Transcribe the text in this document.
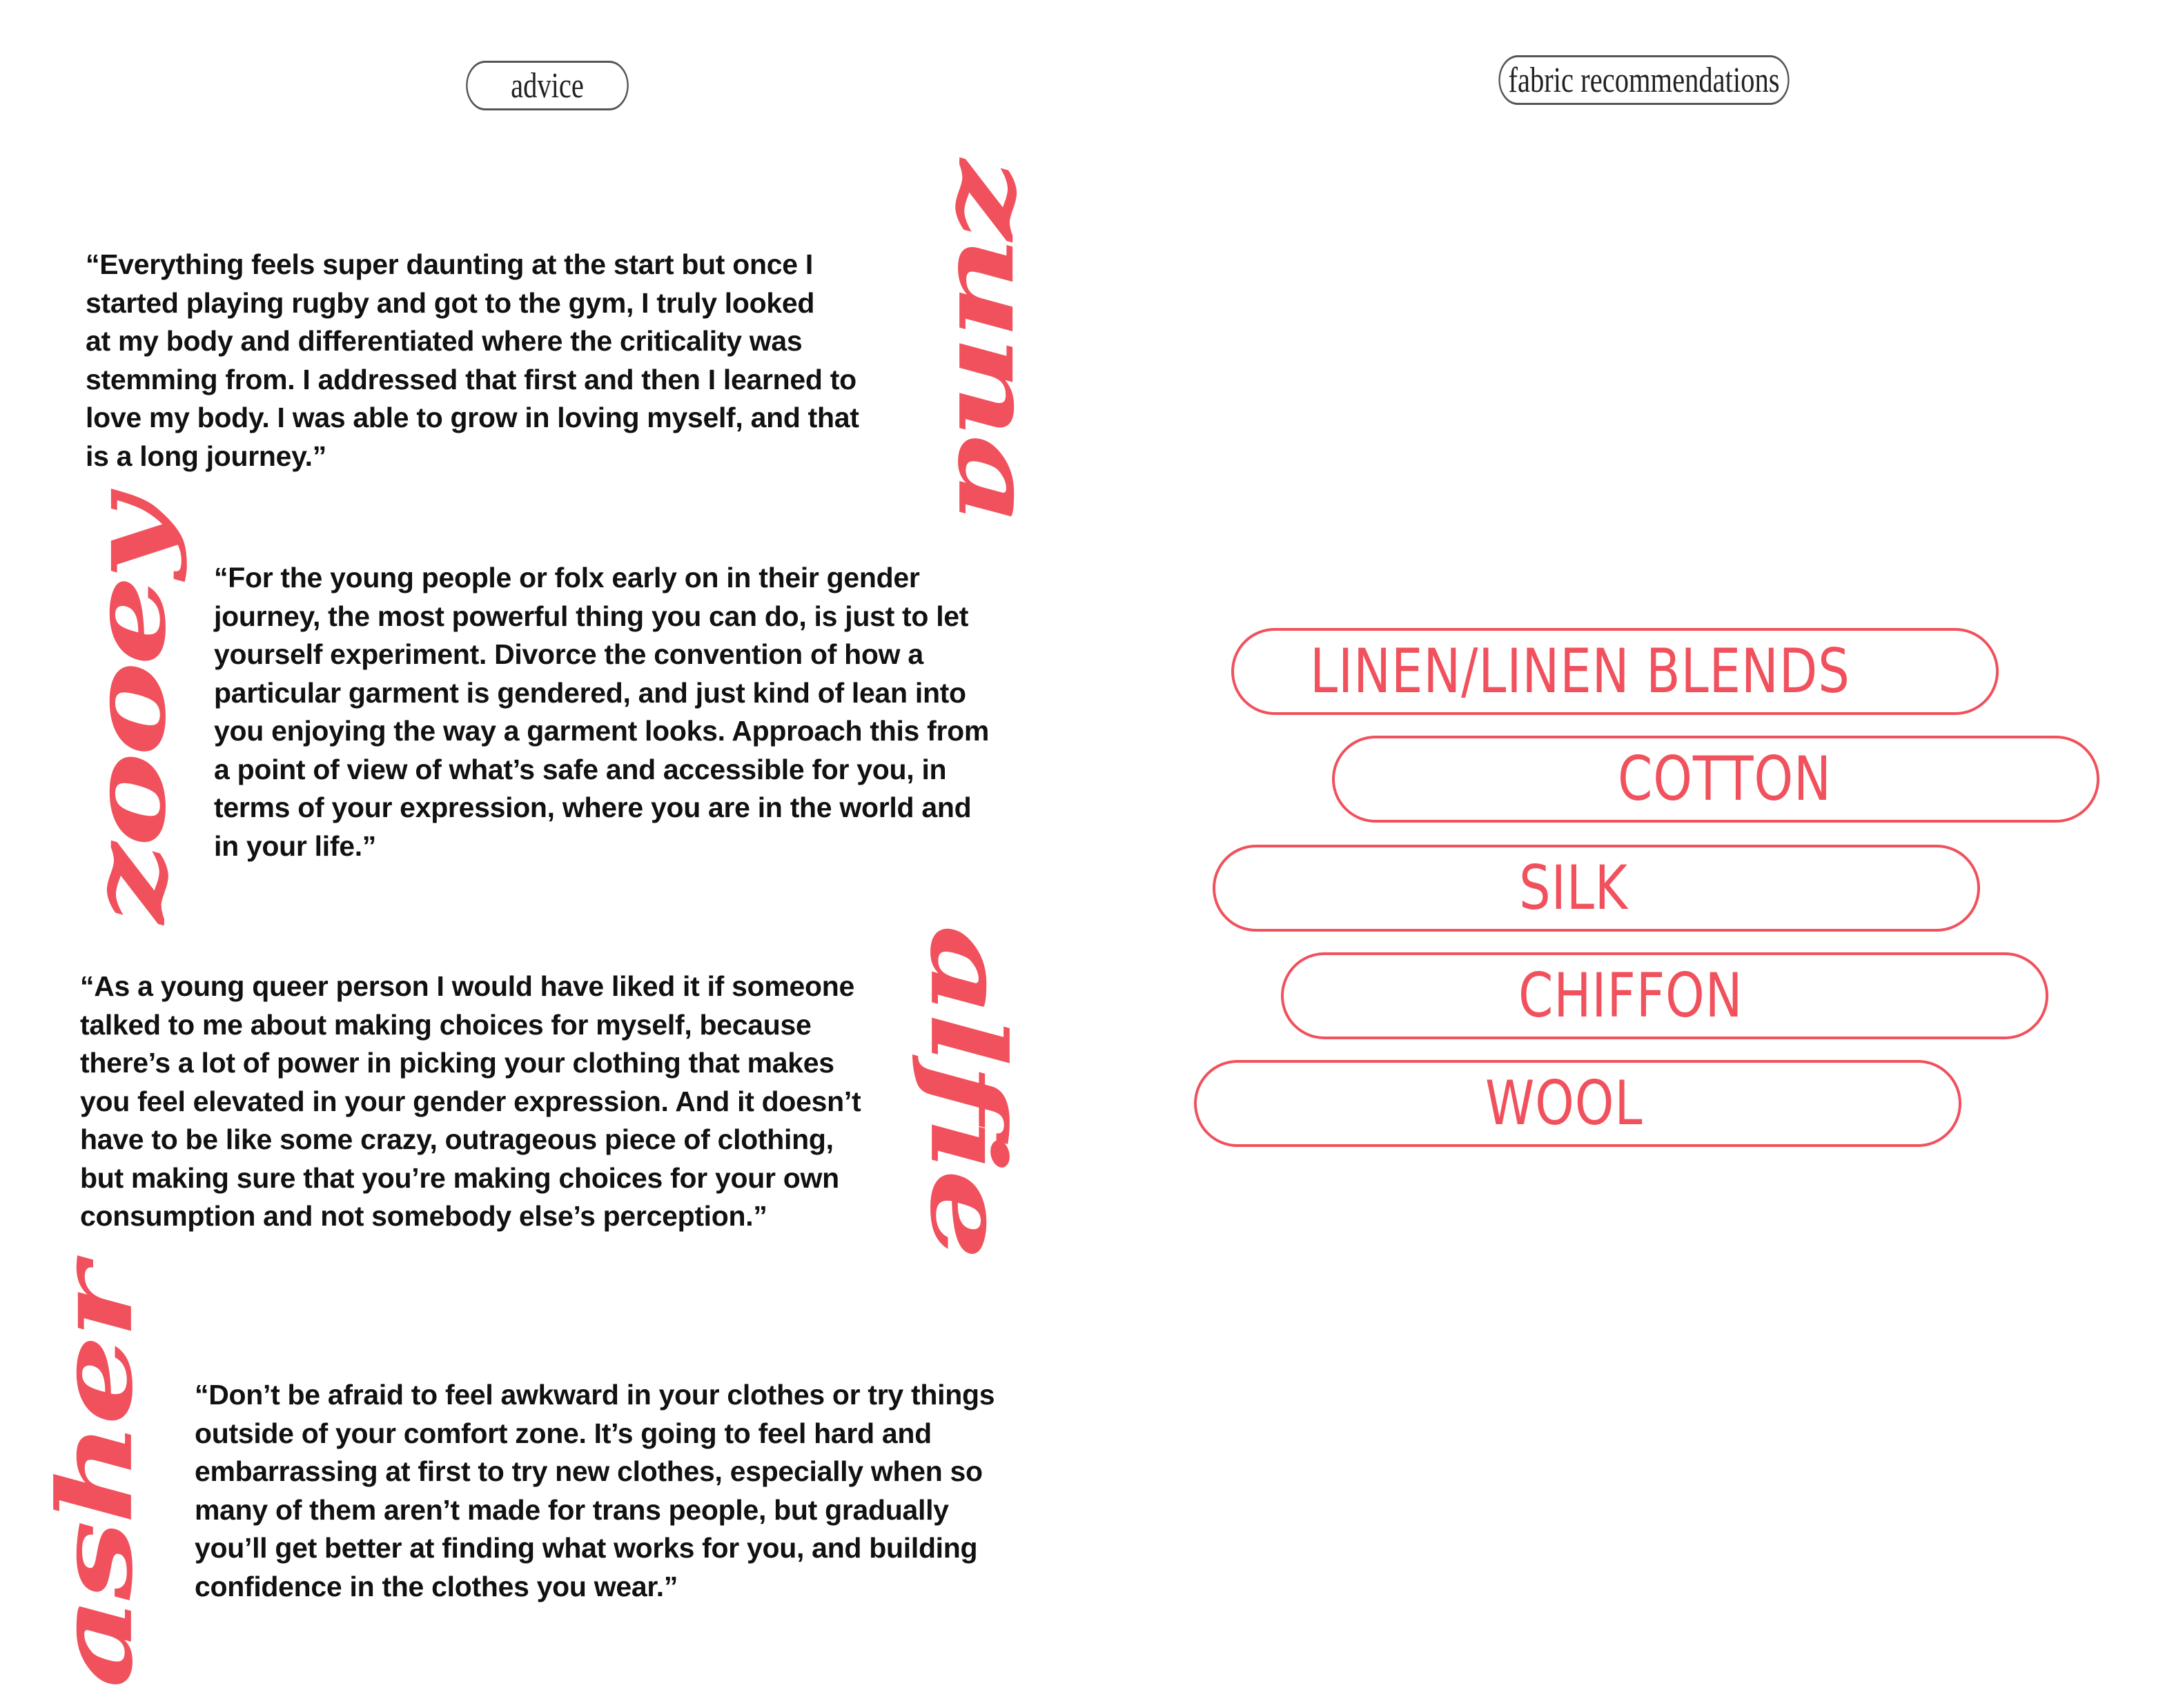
advice	fabric recommendations

“Everything feels super daunting at the start but once I
started playing rugby and got to the gym, I truly looked
at my body and differentiated where the criticality was
stemming from. I addressed that first and then I learned to
love my body. I was able to grow in loving myself, and that
is a long journey.”	zuna

“For the young people or folx early on in their gender
journey, the most powerful thing you can do, is just to let
yourself experiment. Divorce the convention of how a
particular garment is gendered, and just kind of lean into
you enjoying the way a garment looks. Approach this from
a point of view of what’s safe and accessible for you, in
terms of your expression, where you are in the world and
in your life.”

zooey

“As a young queer person I would have liked it if someone
talked to me about making choices for myself, because
there’s a lot of power in picking your clothing that makes
you feel elevated in your gender expression. And it doesn’t
have to be like some crazy, outrageous piece of clothing,
but making sure that you’re making choices for your own
consumption and not somebody else’s perception.” alfie

“Don’t be afraid to feel awkward in your clothes or try things
outside of your comfort zone. It’s going to feel hard and
embarrassing at first to try new clothes, especially when so
many of them aren’t made for trans people, but gradually
you’ll get better at finding what works for you, and building
confidence in the clothes you wear.”

asher
LINEN/LINEN BLENDS
COTTON
SILK
CHIFFON
WOOL
